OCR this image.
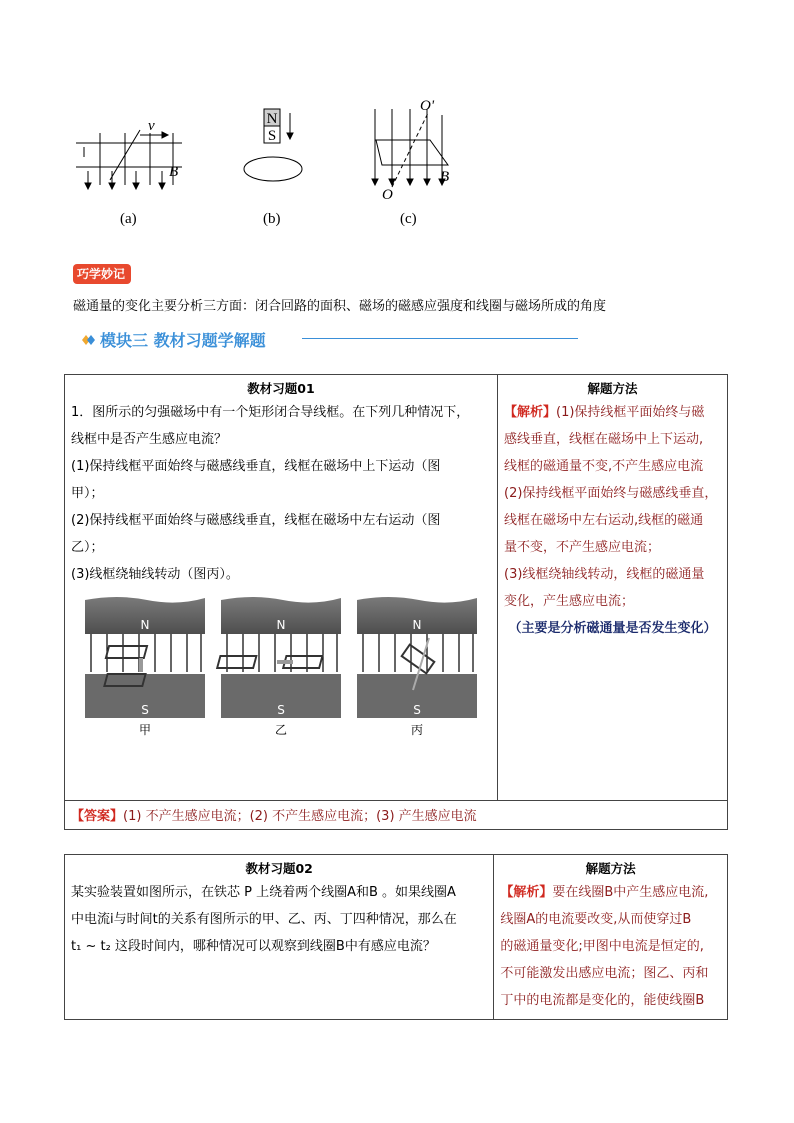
v
B
(a)
N
S
(b)
O'
O
B
(c)
巧学妙记
磁通量的变化主要分析三方面：闭合回路的面积、磁场的磁感应强度和线圈与磁场所成的角度
模块三 教材习题学解题
教材习题01
1．图所示的匀强磁场中有一个矩形闭合导线框。在下列几种情况下，
线框中是否产生感应电流？
(1)保持线框平面始终与磁感线垂直，线框在磁场中上下运动（图
甲）；
(2)保持线框平面始终与磁感线垂直，线框在磁场中左右运动（图
乙）；
(3)线框绕轴线转动（图丙）。
N
S
甲
N
S
乙
N
S
丙

解题方法
【解析】(1)保持线框平面始终与磁
感线垂直，线框在磁场中上下运动,
线框的磁通量不变,不产生感应电流
(2)保持线框平面始终与磁感线垂直，
线框在磁场中左右运动,线框的磁通
量不变，不产生感应电流；
(3)线框绕轴线转动，线框的磁通量
变化，产生感应电流；
（主要是分析磁通量是否发生变化）

【答案】(1) 不产生感应电流；(2) 不产生感应电流；(3) 产生感应电流
教材习题02
某实验装置如图所示，在铁芯 P 上绕着两个线圈A和B 。如果线圈A
中电流i与时间t的关系有图所示的甲、乙、丙、丁四种情况，那么在
t₁ ~ t₂ 这段时间内，哪种情况可以观察到线圈B中有感应电流？

解题方法
【解析】要在线圈B中产生感应电流,
线圈A的电流要改变,从而使穿过B
的磁通量变化;甲图中电流是恒定的,
不可能激发出感应电流；图乙、丙和
丁中的电流都是变化的，能使线圈B
